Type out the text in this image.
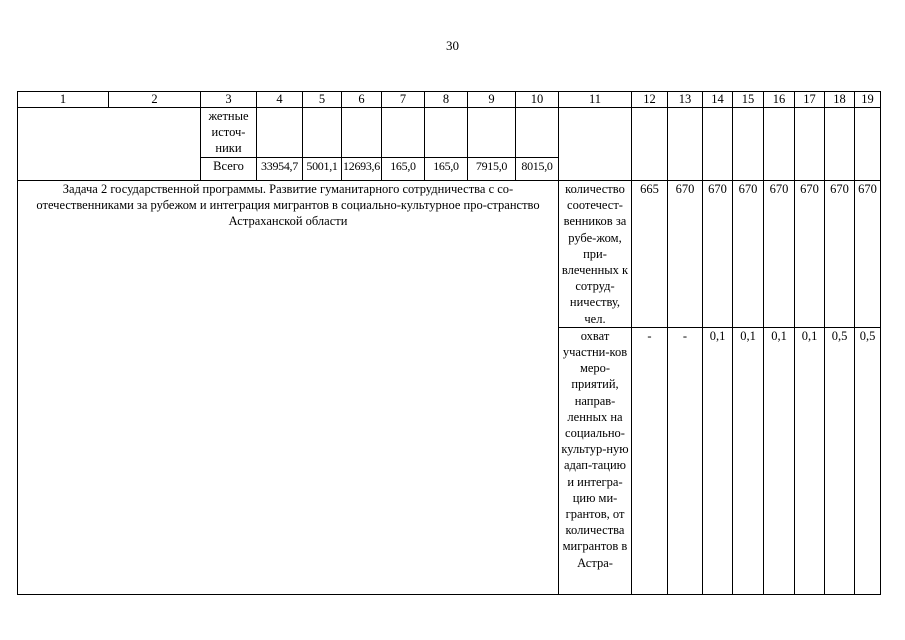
30
1	2	3	4	5	6	7	8	9	10	11	12	13	14	15	16	17	18	19
		жетные источ-ники																
		Всего	33954,7	5001,1	12693,6	165,0	165,0	7915,0	8015,0									
Задача 2 государственной программы. Развитие гуманитарного сотрудничества с со-отечественниками за рубежом и интеграция мигрантов в социально-культурное про-странство Астраханской области										количество соотечест-венников за рубе-жом, при-влеченных к сотруд-ничеству, чел.	665	670	670	670	670	670	670	670
										охват участни-ков меро-приятий, направ-ленных на социально-культур-ную адап-тацию и интегра-цию ми-грантов, от количества мигрантов в Астра-	-	-	0,1	0,1	0,1	0,1	0,5	0,5
